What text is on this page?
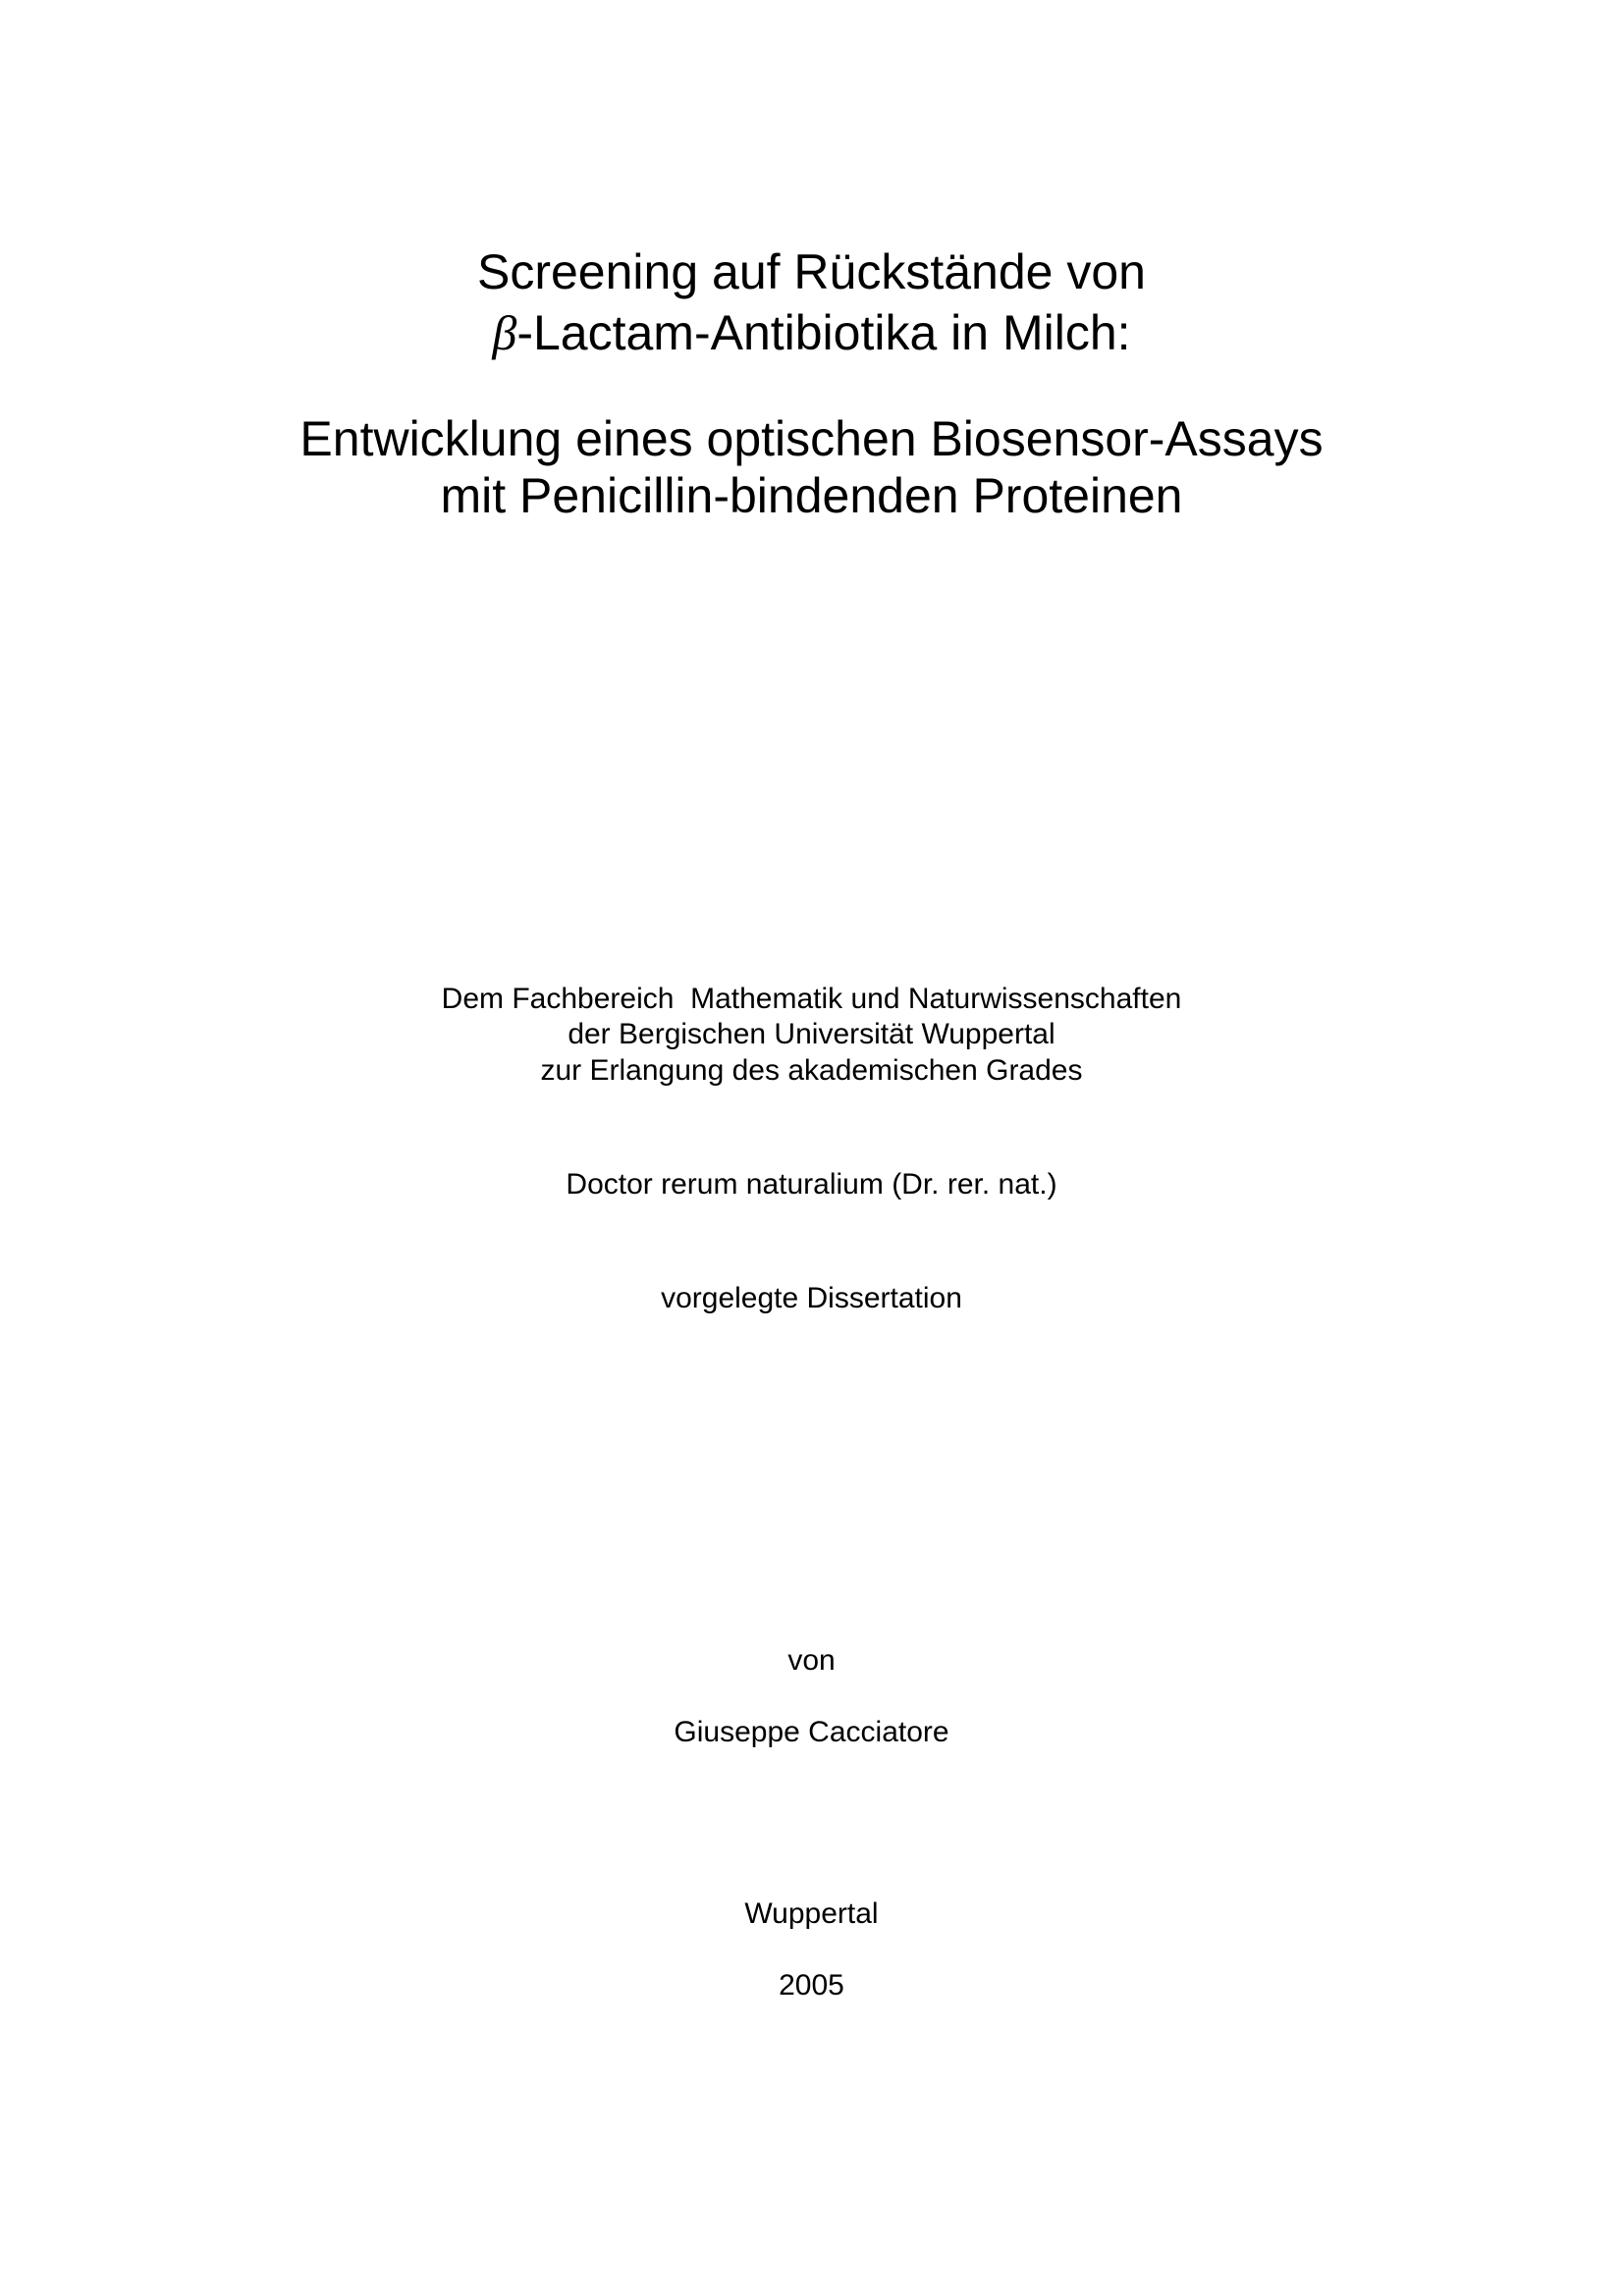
Screening auf Rückstände von
β-Lactam-Antibiotika in Milch:
Entwicklung eines optischen Biosensor-Assays
mit Penicillin-bindenden Proteinen
Dem Fachbereich  Mathematik und Naturwissenschaften
der Bergischen Universität Wuppertal
zur Erlangung des akademischen Grades
Doctor rerum naturalium (Dr. rer. nat.)
vorgelegte Dissertation
von
Giuseppe Cacciatore
Wuppertal
2005
